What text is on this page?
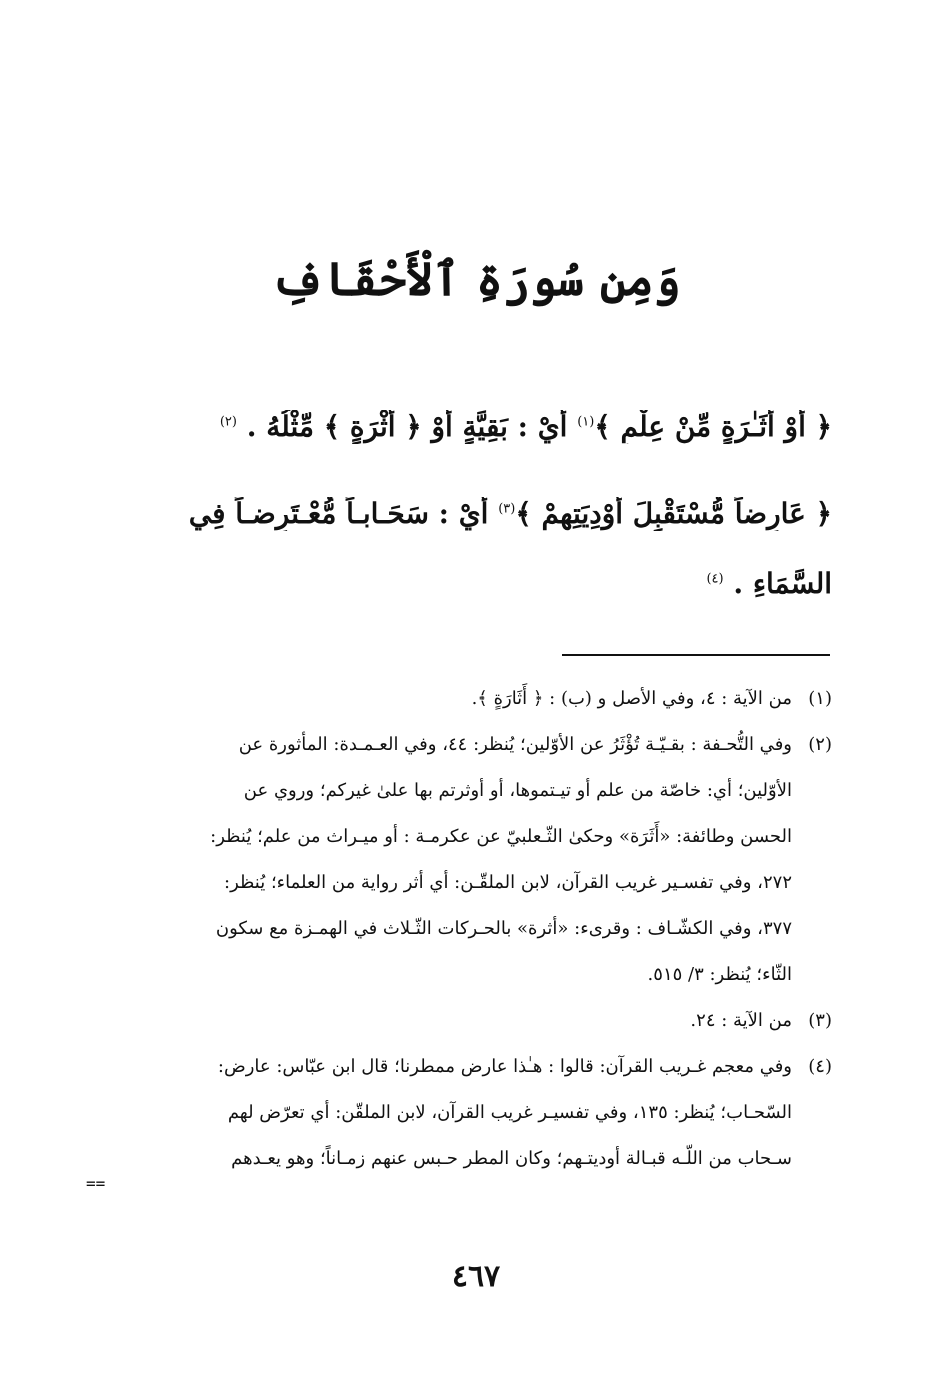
وَمِن سُورَةِ ٱلْأَحْقَافِ

﴿ أَوْ أَثَـٰرَةٍ مِّنْ عِلْمٍ ﴾$^{(١)}$ أَيْ : بَقِيَّةٍ أَوْ ﴿ أَثْرَةٍ ﴾ مِّثْلُهُ . $^{(٢)}$

﴿ عَارِضاً مُّسْتَقْبِلَ أَوْدِيَتِهِمْ ﴾$^{(٣)}$ أَيْ : سَحَـابـاً مُّعْـتَرِضـاً فِي

السَّمَاءِ . $^{(٤)}$

(١)
من الآية : ٤، وفي الأصل و (ب) : ﴿ أَثَارَةٍ ﴾.
(٢)
وفي التُّحـفة : بقـيّـة تُؤْثَرُ عن الأوّلين؛ يُنظر: ٤٤، وفي العـمـدة: المأثورة عن
الأوّلين؛ أي: خاصّة من علم أو تيـتموها، أو أوثرتم بها علىٰ غيركم؛ وروي عن
الحسن وطائفة: «أَثَرَة» وحكىٰ الثّـعلبيّ عن عكرمـة : أو ميـراث من علم؛ يُنظر:
٢٧٢، وفي تفسـير غريب القرآن، لابن الملقّـن: أي أثر رواية من العلماء؛ يُنظر:
٣٧٧، وفي الكشّـاف : وقرىء: «أثرة» بالحـركات الثّـلاث في الهمـزة مع سكون
الثّاء؛ يُنظر: ٣/ ٥١٥.
(٣)
من الآية : ٢٤.
(٤)
وفي معجم غـريب القرآن: قالوا : هـٰذا عارض ممطرنا؛ قال ابن عبّاس: عارض:
السّحـاب؛ يُنظر: ١٣٥، وفي تفسيـر غريب القرآن، لابن الملقّن: أي تعرّض لهم
سـحاب من اللّـه قبـالة أوديتـهم؛ وكان المطر حـبس عنهم زمـاناً؛ وهو يعـدهم
==
٤٦٧
